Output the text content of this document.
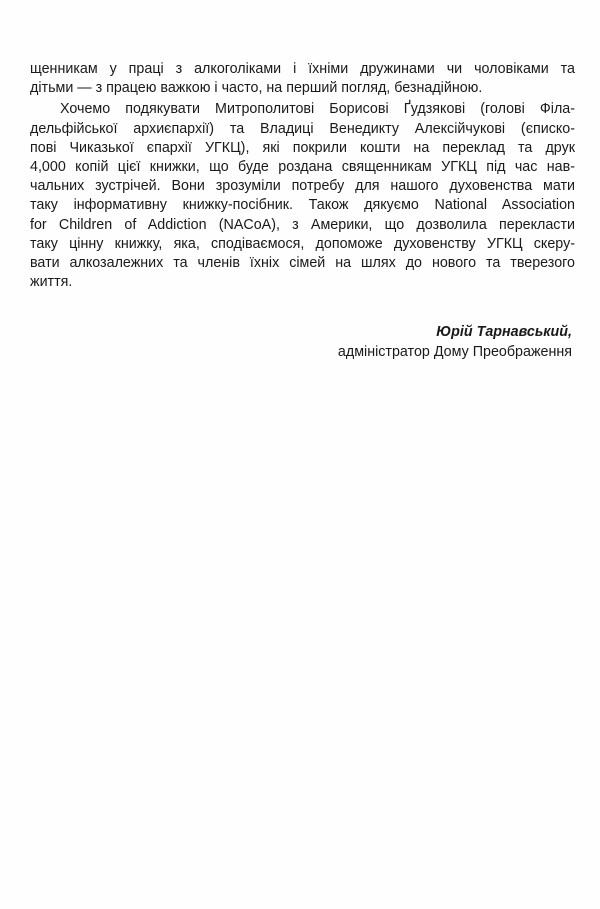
щенникам у праці з алкоголіками і їхніми дружинами чи чоловіками та
дітьми — з працею важкою і часто, на перший погляд, безнадійною.
Хочемо подякувати Митрополитові Борисові Ґудзякові (голові Філа-
дельфійської архиєпархії) та Владиці Венедикту Алексійчукові (єписко-
пові Чиказької єпархії УГКЦ), які покрили кошти на переклад та друк
4,000 копій цієї книжки, що буде роздана священникам УГКЦ під час нав-
чальних зустрічей. Вони зрозуміли потребу для нашого духовенства мати
таку інформативну книжку-посібник. Також дякуємо National Association
for Children of Addiction (NACoA), з Америки, що дозволила перекласти
таку цінну книжку, яка, сподіваємося, допоможе духовенству УГКЦ скеру-
вати алкозалежних та членів їхніх сімей на шлях до нового та тверезого
життя.
Юрій Тарнавський,
адміністратор Дому Преображення
